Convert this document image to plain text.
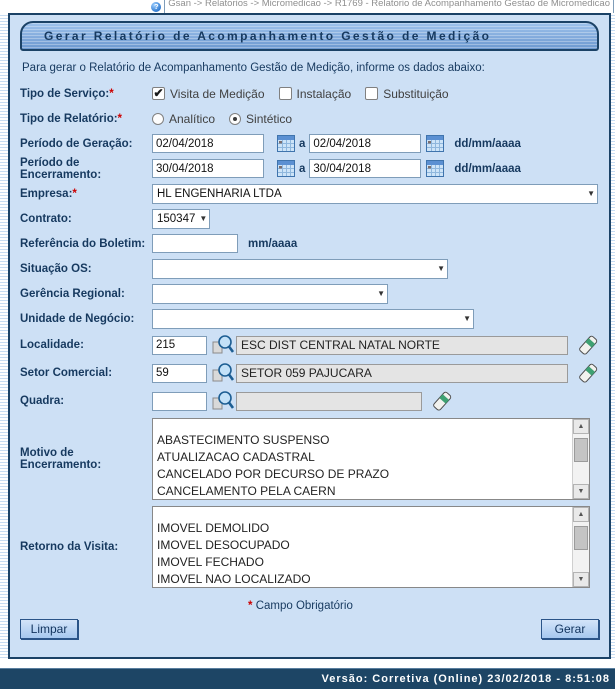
?	Gsan -> Relatorios -> Micromedicao -> R1769 - Relatorio de Acompanhamento Gestao de Micromedicao
Gerar Relatório de Acompanhamento Gestão de Medição
Para gerar o Relatório de Acompanhamento Gestão de Medição, informe os dados abaixo:
Tipo de Serviço:*	✔ Visita de Medição	Instalação	Substituição
Tipo de Relatório:*	Analítico	Sintético
Período de Geração:
02/04/2018	a
02/04/2018	dd/mm/aaaa
Período de Encerramento:
30/04/2018	a
30/04/2018	dd/mm/aaaa
Empresa:*	HL ENGENHARIA LTDA	▼
Contrato:	150347 ▼
Referência do Boletim:	mm/aaaa
Situação OS:	▼
Gerência Regional:	▼
Unidade de Negócio:	▼
Localidade:
215	ESC DIST CENTRAL NATAL NORTE
Setor Comercial:
59	SETOR 059 PAJUCARA
Quadra:
Motivo de Encerramento:
ABASTECIMENTO SUSPENSO
ATUALIZACAO CADASTRAL
CANCELADO POR DECURSO DE PRAZO
CANCELAMENTO PELA CAERN
▲
▼
Retorno da Visita:
IMOVEL DEMOLIDO
IMOVEL DESOCUPADO
IMOVEL FECHADO
IMOVEL NAO LOCALIZADO
▲
▼
* Campo Obrigatório
Limpar	Gerar
Versão: Corretiva (Online) 23/02/2018 - 8:51:08
